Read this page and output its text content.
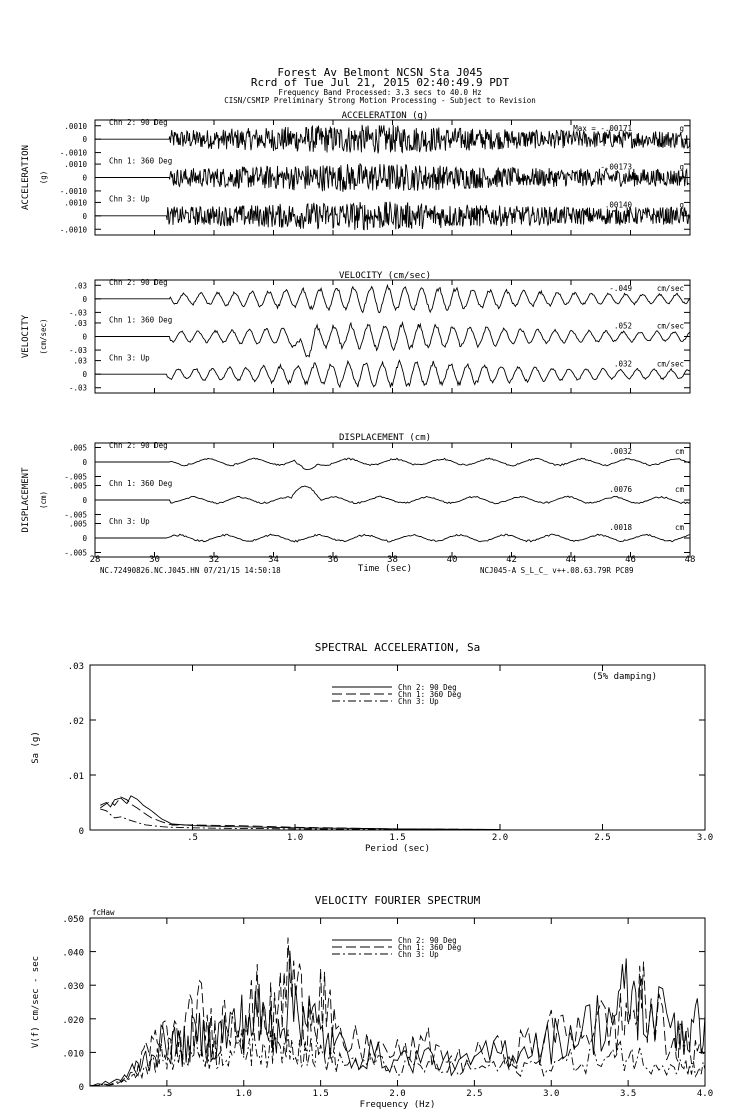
Forest Av Belmont NCSN Sta J045
Rcrd of Tue Jul 21, 2015 02:40:49.9 PDT
Frequency Band Processed: 3.3 secs to 40.0 Hz
CISN/CSMIP Preliminary Strong Motion Processing - Subject to Revision
ACCELERATION (g)
ACCELERATION (g)
.0010
0
-.0010
Chn 2: 90 Deg
Max = -.00171	g
.0010
0
-.0010
Chn 1: 360 Deg
-.00173	g
.0010
0
-.0010
Chn 3: Up
.00140	g
VELOCITY (cm/sec)
VELOCITY (cm/sec)
.03
0
-.03
Chn 2: 90 Deg
-.049	cm/sec
.03
0
-.03
Chn 1: 360 Deg
.052	cm/sec
.03
0
-.03
Chn 3: Up
.032	cm/sec
DISPLACEMENT (cm)
DISPLACEMENT (cm)
.005
0
-.005
Chn 2: 90 Deg
.0032	cm
.005
0
-.005
Chn 1: 360 Deg
.0076	cm
.005
0
-.005
Chn 3: Up
.0018	cm
28	30	32	34	36	38	40	42	44	46	48
Time (sec)
NC.72490826.NC.J045.HN 07/21/15 14:50:18	NCJ045-A S_L_C_ v++.08.63.79R PC89
SPECTRAL ACCELERATION, Sa
.5	1.0	1.5	2.0	2.5	3.0
Period (sec)
.03
.02
.01
0
Sa (g)
(5% damping)
Chn 2: 90 Deg
Chn 1: 360 Deg
Chn 3: Up
VELOCITY FOURIER SPECTRUM
.5	1.0	1.5	2.0	2.5	3.0	3.5	4.0
Frequency (Hz)
.050
.040
.030
.020
.010
0
V(f) cm/sec - sec
fcHaw
Chn 2: 90 Deg
Chn 1: 360 Deg
Chn 3: Up
